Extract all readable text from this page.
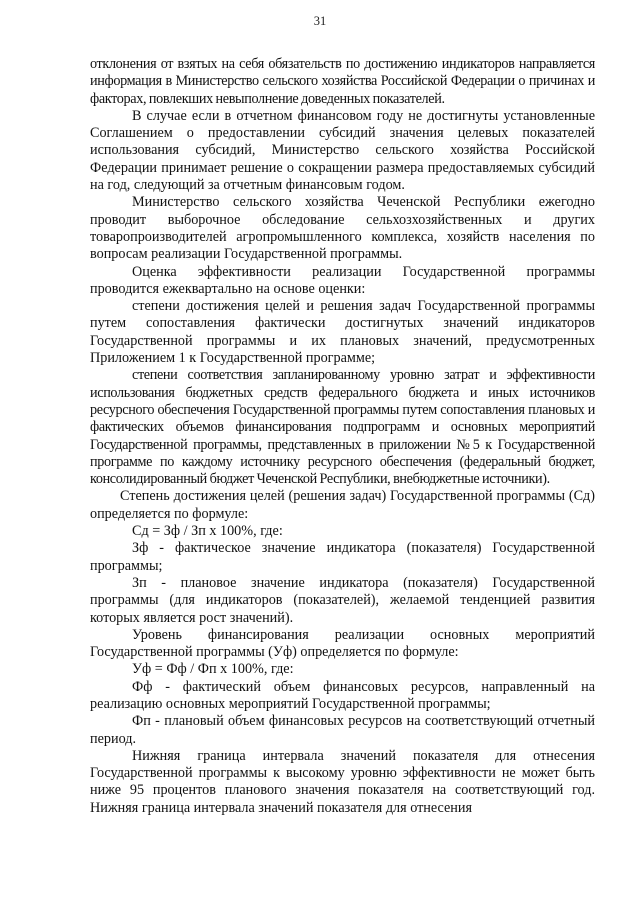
31

отклонения от взятых на себя обязательств по достижению индикаторов направляется информация в Министерство сельского хозяйства Российской Федерации о причинах и факторах, повлекших невыполнение доведенных показателей.

В случае если в отчетном финансовом году не достигнуты установленные Соглашением о предоставлении субсидий значения целевых показателей использования субсидий, Министерство сельского хозяйства Российской Федерации принимает решение о сокращении размера предоставляемых субсидий на год, следующий за отчетным финансовым годом.

Министерство сельского хозяйства Чеченской Республики ежегодно проводит выборочное обследование сельхозхозяйственных и других товаропроизводителей агропромышленного комплекса, хозяйств населения по вопросам реализации Государственной программы.

Оценка эффективности реализации Государственной программы проводится ежеквартально на основе оценки:

степени достижения целей и решения задач Государственной программы путем сопоставления фактически достигнутых значений индикаторов Государственной программы и их плановых значений, предусмотренных Приложением 1 к Государственной программе;

степени соответствия запланированному уровню затрат и эффективности использования бюджетных средств федерального бюджета и иных источников ресурсного обеспечения Государственной программы путем сопоставления плановых и фактических объемов финансирования подпрограмм и основных мероприятий Государственной программы, представленных в приложении №5 к Государственной программе по каждому источнику ресурсного обеспечения (федеральный бюджет, консолидированный бюджет Чеченской Республики, внебюджетные источники).

Степень достижения целей (решения задач) Государственной программы (Сд) определяется по формуле:

Сд = Зф / Зп х 100%, где:

Зф - фактическое значение индикатора (показателя) Государственной программы;

Зп - плановое значение индикатора (показателя) Государственной программы (для индикаторов (показателей), желаемой тенденцией развития которых является рост значений).

Уровень финансирования реализации основных мероприятий Государственной программы (Уф) определяется по формуле:

Уф = Фф / Фп х 100%, где:

Фф - фактический объем финансовых ресурсов, направленный на реализацию основных мероприятий Государственной программы;

Фп - плановый объем финансовых ресурсов на соответствующий отчетный период.

Нижняя граница интервала значений показателя для отнесения Государственной программы к высокому уровню эффективности не может быть ниже 95 процентов планового значения показателя на соответствующий год. Нижняя граница интервала значений показателя для отнесения
